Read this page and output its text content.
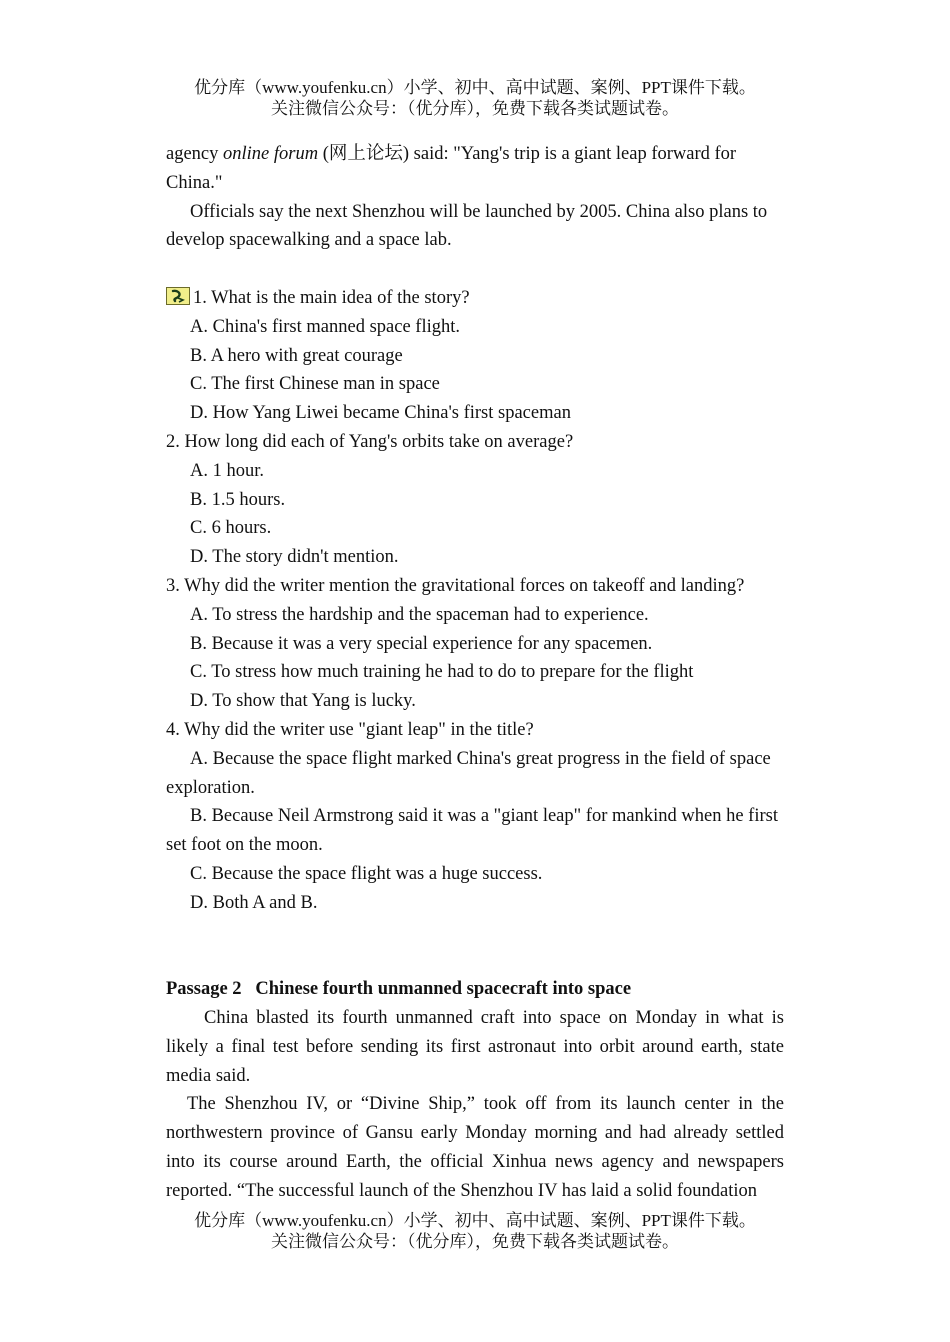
优分库（www.youfenku.cn）小学、初中、高中试题、案例、PPT课件下载。
关注微信公众号：（优分库），免费下载各类试题试卷。

agency online forum (网上论坛) said: "Yang's trip is a giant leap forward for China."

Officials say the next Shenzhou will be launched by 2005. China also plans to develop spacewalking and a space lab.

1. What is the main idea of the story?

A. China's first manned space flight.

B. A hero with great courage

C. The first Chinese man in space

D. How Yang Liwei became China's first spaceman

2. How long did each of Yang's orbits take on average?

A. 1 hour.

B. 1.5 hours.

C. 6 hours.

D. The story didn't mention.

3. Why did the writer mention the gravitational forces on takeoff and landing?

A. To stress the hardship and the spaceman had to experience.

B. Because it was a very special experience for any spacemen.

C. To stress how much training he had to do to prepare for the flight

D. To show that Yang is lucky.

4. Why did the writer use "giant leap" in the title?

A. Because the space flight marked China's great progress in the field of space exploration.

B. Because Neil Armstrong said it was a "giant leap" for mankind when he first set foot on the moon.

C. Because the space flight was a huge success.

D. Both A and B.

Passage 2   Chinese fourth unmanned spacecraft into space

China blasted its fourth unmanned craft into space on Monday in what is likely a final test before sending its first astronaut into orbit around earth, state media said.

The Shenzhou IV, or “Divine Ship,” took off from its launch center in the northwestern province of Gansu early Monday morning and had already settled into its course around Earth, the official Xinhua news agency and newspapers reported. “The successful launch of the Shenzhou IV has laid a solid foundation

优分库（www.youfenku.cn）小学、初中、高中试题、案例、PPT课件下载。
关注微信公众号：（优分库），免费下载各类试题试卷。
